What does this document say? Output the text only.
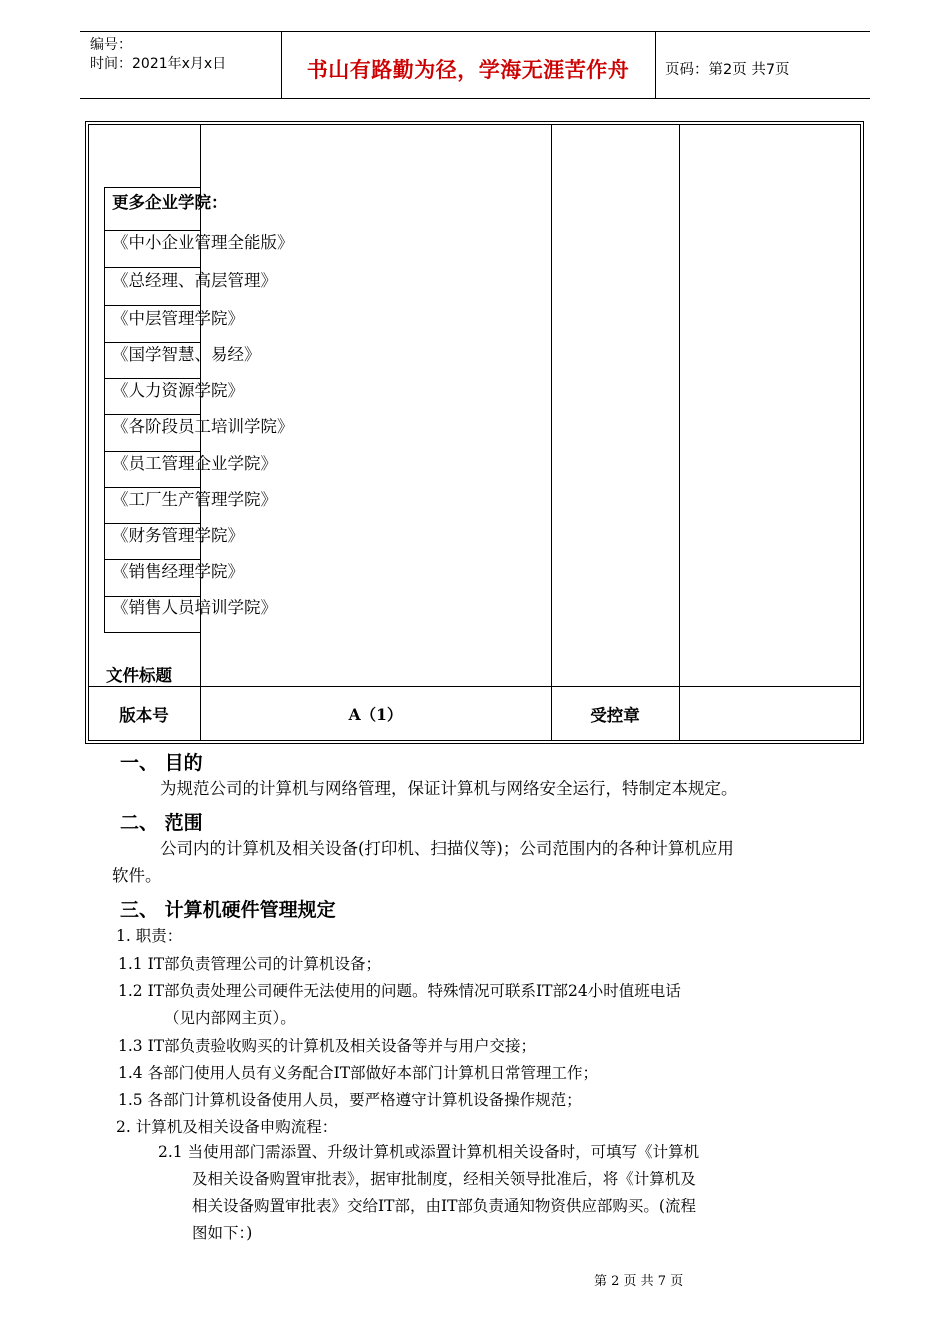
编号：
时间：2021年x月x日	书山有路勤为径，学海无涯苦作舟	页码：第2页 共7页
更多企业学院：
《中小企业管理全能版》
《总经理、高层管理》
《中层管理学院》
《国学智慧、易经》
《人力资源学院》
《各阶段员工培训学院》
《员工管理企业学院》
《工厂生产管理学院》
《财务管理学院》
《销售经理学院》
《销售人员培训学院》
文件标题
版本号	A（1）	受控章
一、 目的
为规范公司的计算机与网络管理，保证计算机与网络安全运行，特制定本规定。
二、 范围
公司内的计算机及相关设备(打印机、扫描仪等)；公司范围内的各种计算机应用
软件。
三、 计算机硬件管理规定
1. 职责：
1.1 IT部负责管理公司的计算机设备；
1.2 IT部负责处理公司硬件无法使用的问题。特殊情况可联系IT部24小时值班电话
（见内部网主页）。
1.3 IT部负责验收购买的计算机及相关设备等并与用户交接；
1.4 各部门使用人员有义务配合IT部做好本部门计算机日常管理工作；
1.5 各部门计算机设备使用人员，要严格遵守计算机设备操作规范；
2. 计算机及相关设备申购流程：
2.1 当使用部门需添置、升级计算机或添置计算机相关设备时，可填写《计算机
及相关设备购置审批表》，据审批制度，经相关领导批准后，将《计算机及
相关设备购置审批表》交给IT部，由IT部负责通知物资供应部购买。(流程
图如下：)
第 2 页 共 7 页
